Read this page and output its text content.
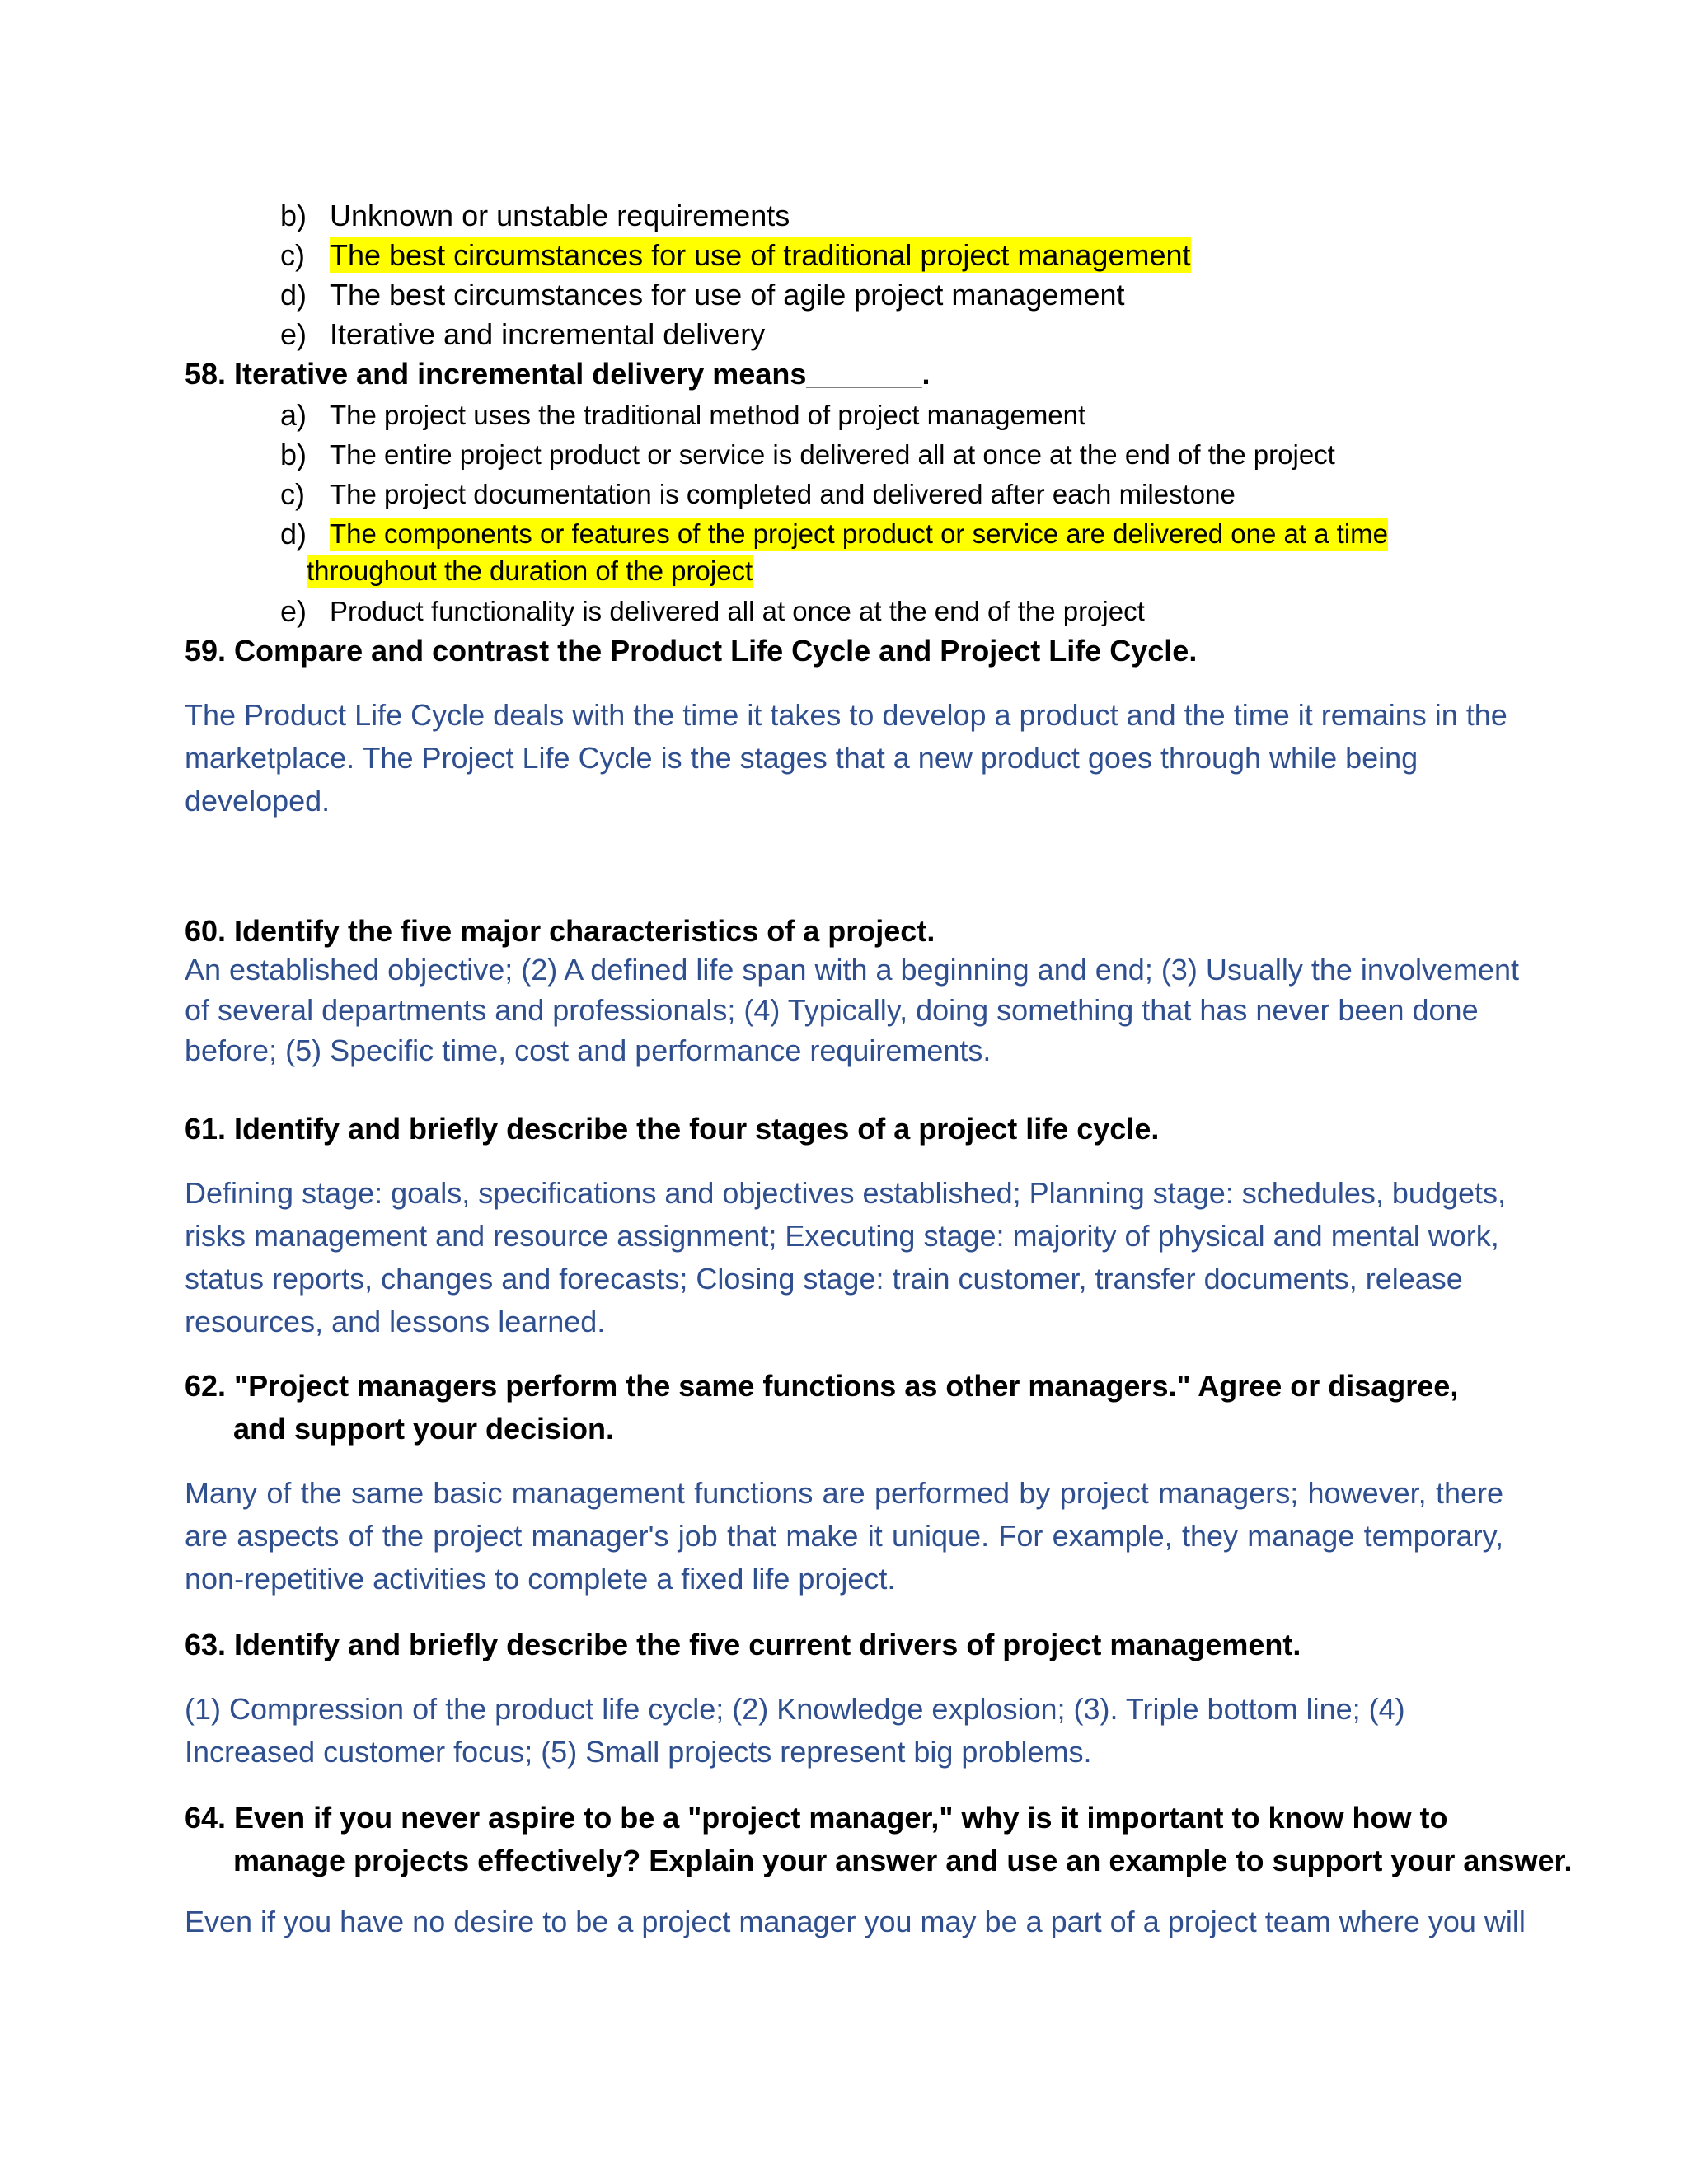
b) Unknown or unstable requirements
c) The best circumstances for use of traditional project management
d) The best circumstances for use of agile project management
e) Iterative and incremental delivery
58. Iterative and incremental delivery means_______.
a) The project uses the traditional method of project management
b) The entire project product or service is delivered all at once at the end of the project
c) The project documentation is completed and delivered after each milestone
d) The components or features of the project product or service are delivered one at a time
throughout the duration of the project
e) Product functionality is delivered all at once at the end of the project
59. Compare and contrast the Product Life Cycle and Project Life Cycle.

The Product Life Cycle deals with the time it takes to develop a product and the time it remains in the marketplace. The Project Life Cycle is the stages that a new product goes through while being developed.

60. Identify the five major characteristics of a project.

An established objective; (2) A defined life span with a beginning and end; (3) Usually the involvement of several departments and professionals; (4) Typically, doing something that has never been done before; (5) Specific time, cost and performance requirements.

61. Identify and briefly describe the four stages of a project life cycle.

Defining stage: goals, specifications and objectives established; Planning stage: schedules, budgets, risks management and resource assignment; Executing stage: majority of physical and mental work, status reports, changes and forecasts; Closing stage: train customer, transfer documents, release resources, and lessons learned.

62. "Project managers perform the same functions as other managers." Agree or disagree,
and support your decision.

Many of the same basic management functions are performed by project managers; however, there are aspects of the project manager's job that make it unique. For example, they manage temporary, non-repetitive activities to complete a fixed life project.

63. Identify and briefly describe the five current drivers of project management.

(1) Compression of the product life cycle; (2) Knowledge explosion; (3). Triple bottom line; (4) Increased customer focus; (5) Small projects represent big problems.

64. Even if you never aspire to be a "project manager," why is it important to know how to
manage projects effectively? Explain your answer and use an example to support your answer.
Even if you have no desire to be a project manager you may be a part of a project team where you will
